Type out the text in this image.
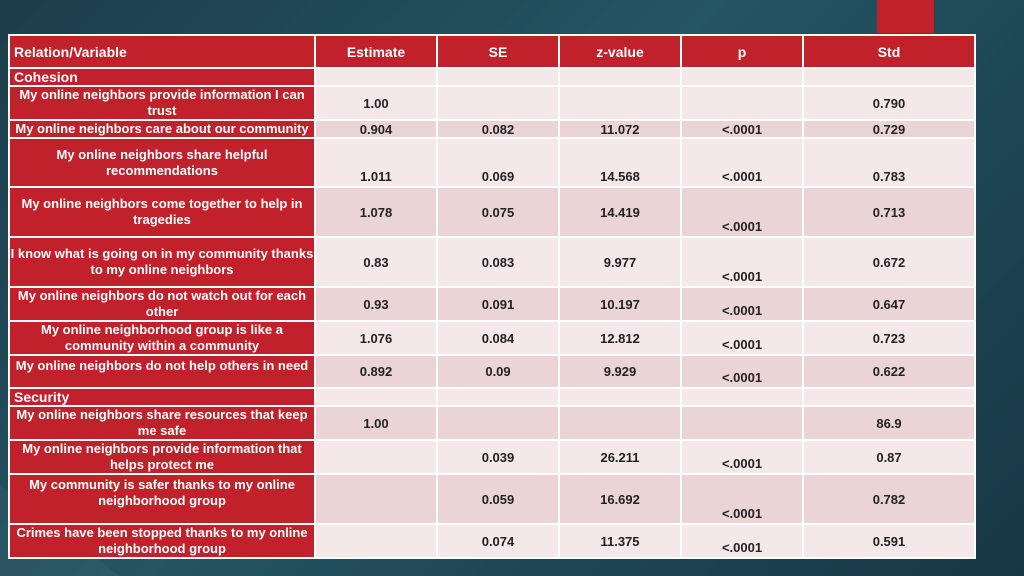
Relation/Variable	Estimate	SE	z-value	p	Std
Cohesion					
My online neighbors provide information I can trust	1.00				0.790
My online neighbors care about our community	0.904	0.082	11.072	<.0001	0.729
My online neighbors share helpful recommendations	1.011	0.069	14.568	<.0001	0.783
My online neighbors come together to help in tragedies	1.078	0.075	14.419	<.0001	0.713
I know what is going on in my community thanks to my online neighbors	0.83	0.083	9.977	<.0001	0.672
My online neighbors do not watch out for each other	0.93	0.091	10.197	<.0001	0.647
My online neighborhood group is like a community within a community	1.076	0.084	12.812	<.0001	0.723
My online neighbors do not help others in need	0.892	0.09	9.929	<.0001	0.622
Security					
My online neighbors share resources that keep me safe	1.00				86.9
My online neighbors provide information that helps protect me		0.039	26.211	<.0001	0.87
My community is safer thanks to my online neighborhood group		0.059	16.692	<.0001	0.782
Crimes have been stopped thanks to my online neighborhood group		0.074	11.375	<.0001	0.591
